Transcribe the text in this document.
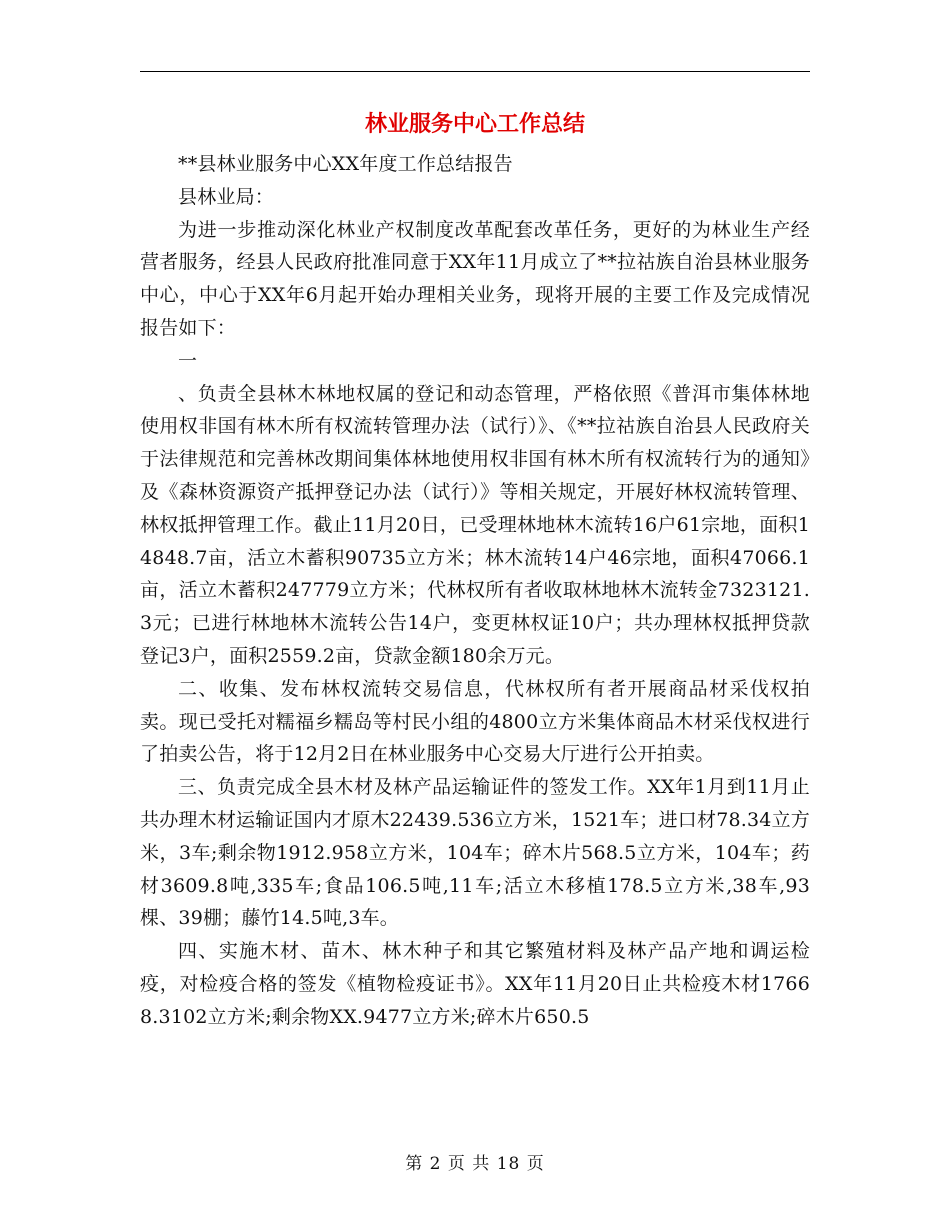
林业服务中心工作总结

**县林业服务中心XX年度工作总结报告

县林业局：

为进一步推动深化林业产权制度改革配套改革任务，更好的为林业生产经营者服务，经县人民政府批准同意于XX年11月成立了**拉祜族自治县林业服务中心，中心于XX年6月起开始办理相关业务，现将开展的主要工作及完成情况报告如下：

一

、负责全县林木林地权属的登记和动态管理，严格依照《普洱市集体林地使用权非国有林木所有权流转管理办法（试行）》、《**拉祜族自治县人民政府关于法律规范和完善林改期间集体林地使用权非国有林木所有权流转行为的通知》及《森林资源资产抵押登记办法（试行）》等相关规定，开展好林权流转管理、林权抵押管理工作。截止11月20日，已受理林地林木流转16户61宗地，面积14848.7亩，活立木蓄积90735立方米；林木流转14户46宗地，面积47066.1亩，活立木蓄积247779立方米；代林权所有者收取林地林木流转金7323121.3元；已进行林地林木流转公告14户，变更林权证10户；共办理林权抵押贷款登记3户，面积2559.2亩，贷款金额180余万元。

二、收集、发布林权流转交易信息，代林权所有者开展商品材采伐权拍卖。现已受托对糯福乡糯岛等村民小组的4800立方米集体商品木材采伐权进行了拍卖公告，将于12月2日在林业服务中心交易大厅进行公开拍卖。

三、负责完成全县木材及林产品运输证件的签发工作。XX年1月到11月止共办理木材运输证国内才原木22439.536立方米，1521车；进口材78.34立方米，3车;剩余物1912.958立方米，104车；碎木片568.5立方米，104车；药材3609.8吨,335车;食品106.5吨,11车;活立木移植178.5立方米,38车,93棵、39棚；藤竹14.5吨,3车。

四、实施木材、苗木、林木种子和其它繁殖材料及林产品产地和调运检疫，对检疫合格的签发《植物检疫证书》。XX年11月20日止共检疫木材17668.3102立方米;剩余物XX.9477立方米;碎木片650.5

第 2 页 共 18 页
